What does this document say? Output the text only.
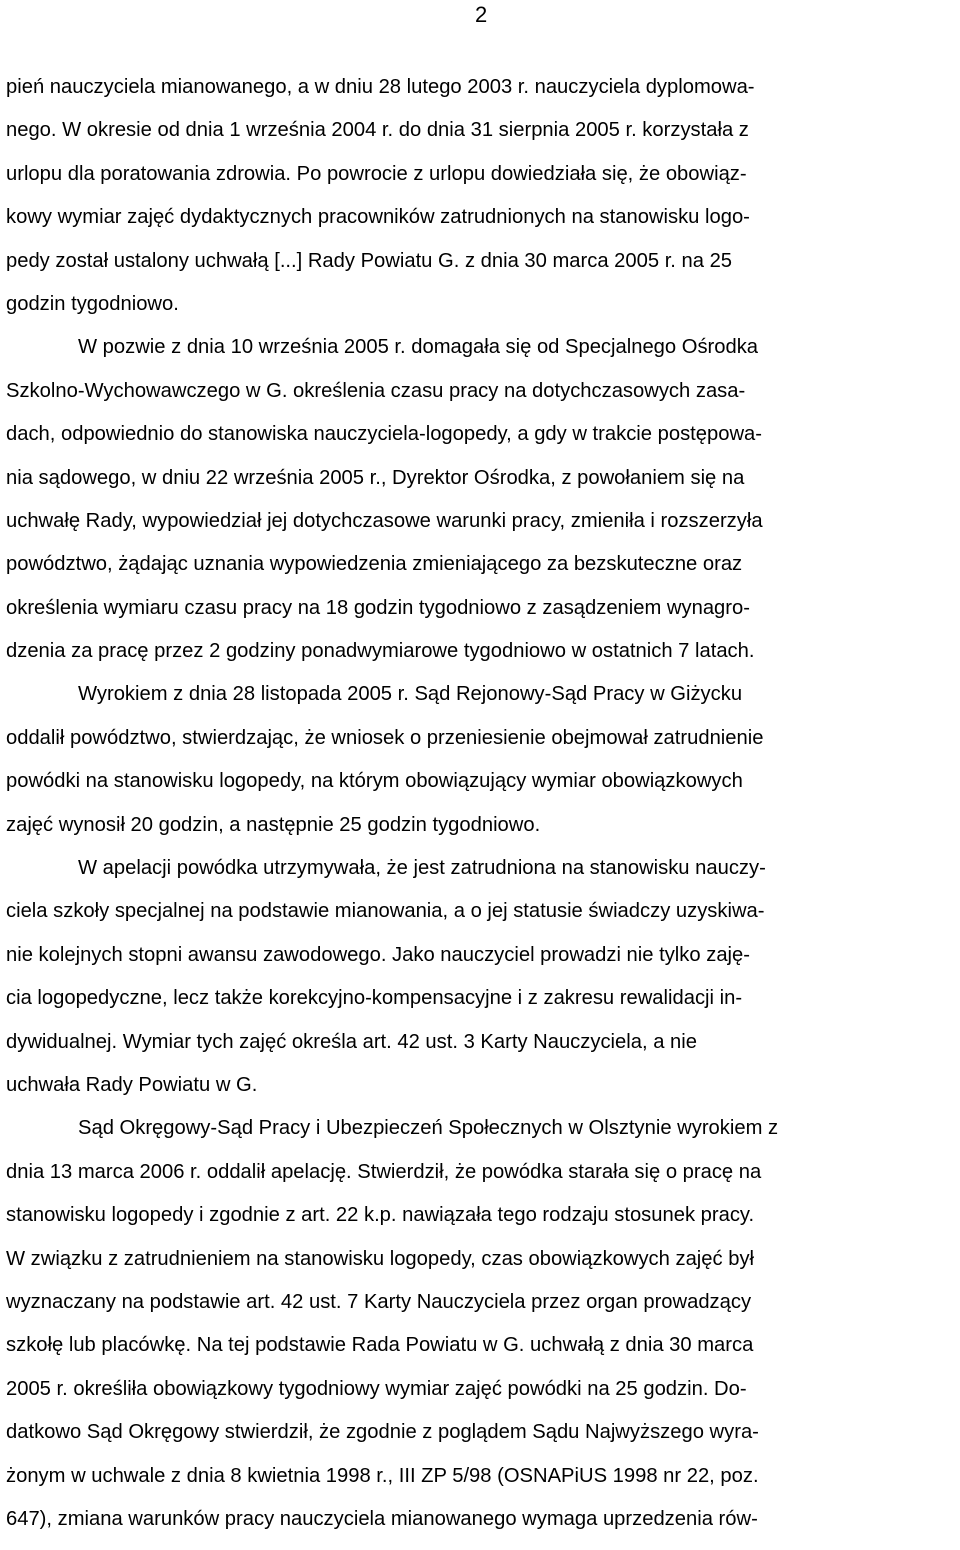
2
pień nauczyciela mianowanego, a w dniu 28 lutego 2003 r. nauczyciela dyplomowa-
nego. W okresie od dnia 1 września 2004 r. do dnia 31 sierpnia 2005 r. korzystała z
urlopu dla poratowania zdrowia. Po powrocie z urlopu dowiedziała się, że obowiąz-
kowy wymiar zajęć dydaktycznych pracowników zatrudnionych na stanowisku logo-
pedy został ustalony uchwałą [...] Rady Powiatu G. z dnia 30 marca 2005 r. na 25
godzin tygodniowo.
W pozwie z dnia 10 września 2005 r. domagała się od Specjalnego Ośrodka
Szkolno-Wychowawczego w G. określenia czasu pracy na dotychczasowych zasa-
dach, odpowiednio do stanowiska nauczyciela-logopedy, a gdy w trakcie postępowa-
nia sądowego, w dniu 22 września 2005 r., Dyrektor Ośrodka, z powołaniem się na
uchwałę Rady, wypowiedział jej dotychczasowe warunki pracy, zmieniła i rozszerzyła
powództwo, żądając uznania wypowiedzenia zmieniającego za bezskuteczne oraz
określenia wymiaru czasu pracy na 18 godzin tygodniowo z zasądzeniem wynagro-
dzenia za pracę przez 2 godziny ponadwymiarowe tygodniowo w ostatnich 7 latach.
Wyrokiem z dnia 28 listopada 2005 r. Sąd Rejonowy-Sąd Pracy w Giżycku
oddalił powództwo, stwierdzając, że wniosek o przeniesienie obejmował zatrudnienie
powódki na stanowisku logopedy, na którym obowiązujący wymiar obowiązkowych
zajęć wynosił 20 godzin, a następnie 25 godzin tygodniowo.
W apelacji powódka utrzymywała, że jest zatrudniona na stanowisku nauczy-
ciela szkoły specjalnej na podstawie mianowania, a o jej statusie świadczy uzyskiwa-
nie kolejnych stopni awansu zawodowego. Jako nauczyciel prowadzi nie tylko zaję-
cia logopedyczne, lecz także korekcyjno-kompensacyjne i z zakresu rewalidacji in-
dywidualnej. Wymiar tych zajęć określa art. 42 ust. 3 Karty Nauczyciela, a nie
uchwała Rady Powiatu w G.
Sąd Okręgowy-Sąd Pracy i Ubezpieczeń Społecznych w Olsztynie wyrokiem z
dnia 13 marca 2006 r. oddalił apelację. Stwierdził, że powódka starała się o pracę na
stanowisku logopedy i zgodnie z art. 22 k.p. nawiązała tego rodzaju stosunek pracy.
W związku z zatrudnieniem na stanowisku logopedy, czas obowiązkowych zajęć był
wyznaczany na podstawie art. 42 ust. 7 Karty Nauczyciela przez organ prowadzący
szkołę lub placówkę. Na tej podstawie Rada Powiatu w G. uchwałą z dnia 30 marca
2005 r. określiła obowiązkowy tygodniowy wymiar zajęć powódki na 25 godzin. Do-
datkowo Sąd Okręgowy stwierdził, że zgodnie z poglądem Sądu Najwyższego wyra-
żonym w uchwale z dnia 8 kwietnia 1998 r., III ZP 5/98 (OSNAPiUS 1998 nr 22, poz.
647), zmiana warunków pracy nauczyciela mianowanego wymaga uprzedzenia rów-
